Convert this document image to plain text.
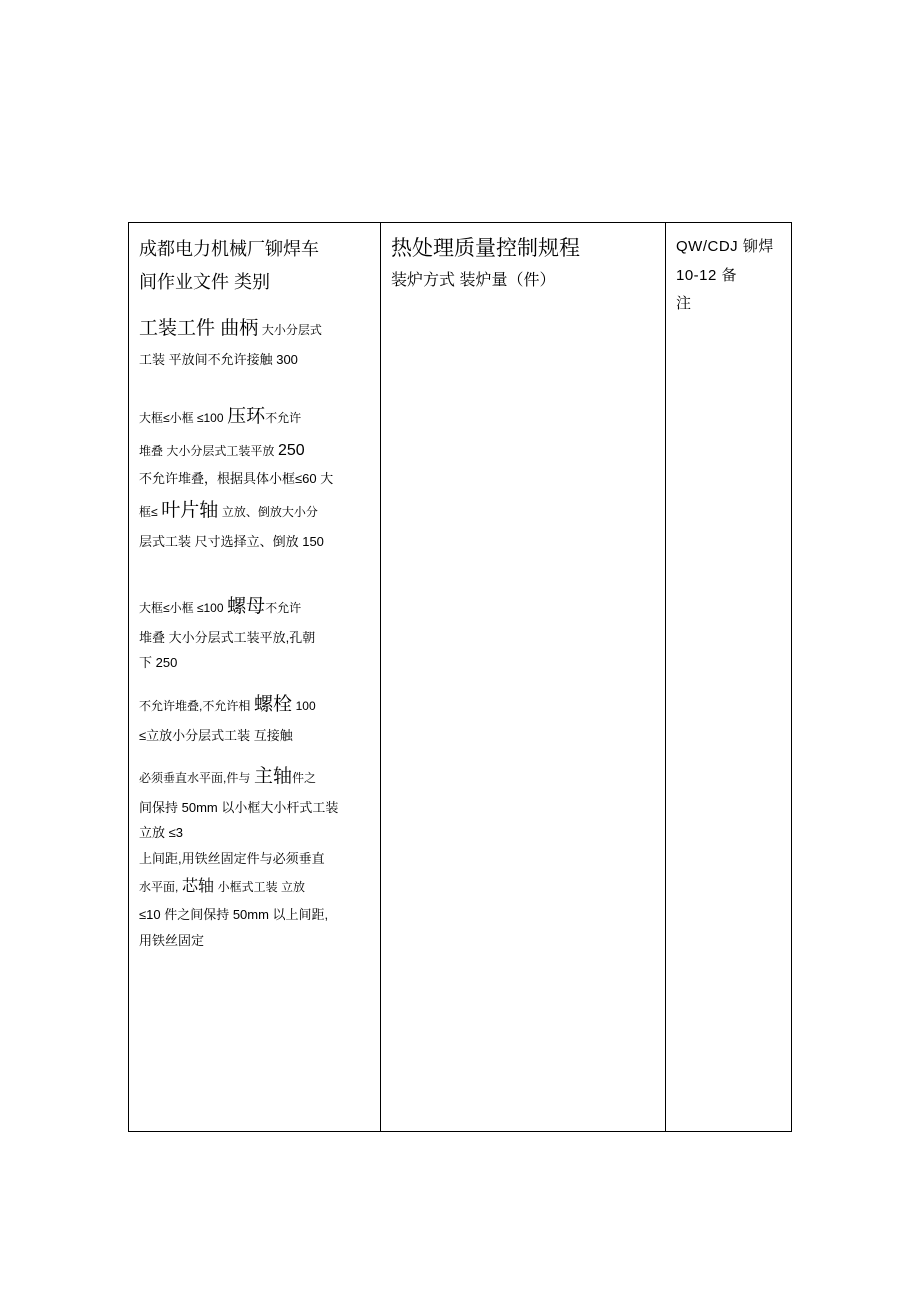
成都电力机械厂铆焊车

间作业文件 类别

工装工件 曲柄 大小分层式

工装 平放间不允许接触 300

大框≤小框 ≤100 压环不允许

堆叠 大小分层式工装平放 250

不允许堆叠，根据具体小框≤60 大

框≤ 叶片轴 立放、倒放大小分

层式工装 尺寸选择立、倒放 150

大框≤小框 ≤100 螺母不允许

堆叠 大小分层式工装平放,孔朝

下 250

不允许堆叠,不允许相 螺栓 100

≤立放小分层式工装 互接触

必须垂直水平面,件与 主轴件之

间保持 50mm 以小框大小杆式工装

立放 ≤3

上间距,用铁丝固定件与必须垂直

水平面, 芯轴 小框式工装 立放

≤10 件之间保持 50mm 以上间距,

用铁丝固定

热处理质量控制规程

装炉方式 装炉量（件）

QW/CDJ 铆焊 10-12 备

注
